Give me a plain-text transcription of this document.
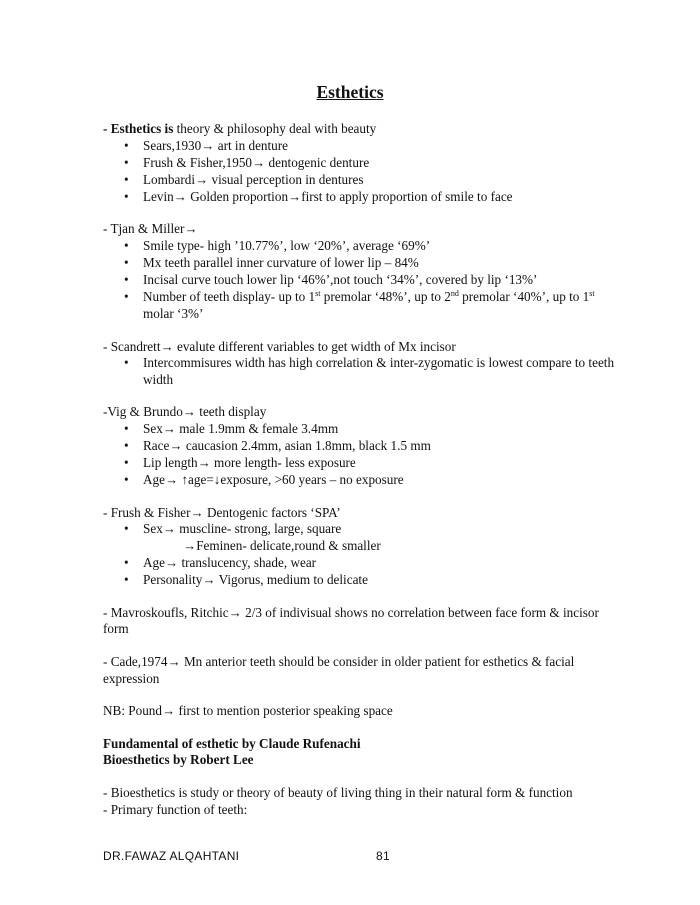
Esthetics

- Esthetics is theory & philosophy deal with beauty

• Sears,1930→ art in denture
• Frush & Fisher,1950→ dentogenic denture
• Lombardi→ visual perception in dentures
• Levin→ Golden proportion→first to apply proportion of smile to face

- Tjan & Miller→

• Smile type- high ’10.77%’, low ‘20%’, average ‘69%’
• Mx teeth parallel inner curvature of lower lip – 84%
• Incisal curve touch lower lip ‘46%’,not touch ‘34%’, covered by lip ‘13%’
• Number of teeth display- up to 1st premolar ‘48%’, up to 2nd premolar ‘40%’, up to 1st molar ‘3%’

- Scandrett→ evalute different variables to get width of Mx incisor

• Intercommisures width has high correlation & inter-zygomatic is lowest compare to teeth width

-Vig & Brundo→ teeth display

• Sex→ male 1.9mm & female 3.4mm
• Race→ caucasion 2.4mm, asian 1.8mm, black 1.5 mm
• Lip length→ more length- less exposure
• Age→ ↑age=↓exposure, >60 years – no exposure

- Frush & Fisher→ Dentogenic factors ‘SPA’

• Sex→ muscline- strong, large, square
→Feminen- delicate,round & smaller
• Age→ translucency, shade, wear
• Personality→ Vigorus, medium to delicate

- Mavroskoufls, Ritchic→ 2/3 of indivisual shows no correlation between face form & incisor form

- Cade,1974→ Mn anterior teeth should be consider in older patient for esthetics & facial expression

NB: Pound→ first to mention posterior speaking space

Fundamental of esthetic by Claude Rufenachi

Bioesthetics by Robert Lee

- Bioesthetics is study or theory of beauty of living thing in their natural form & function

- Primary function of teeth:

DR.FAWAZ ALQAHTANI	81
